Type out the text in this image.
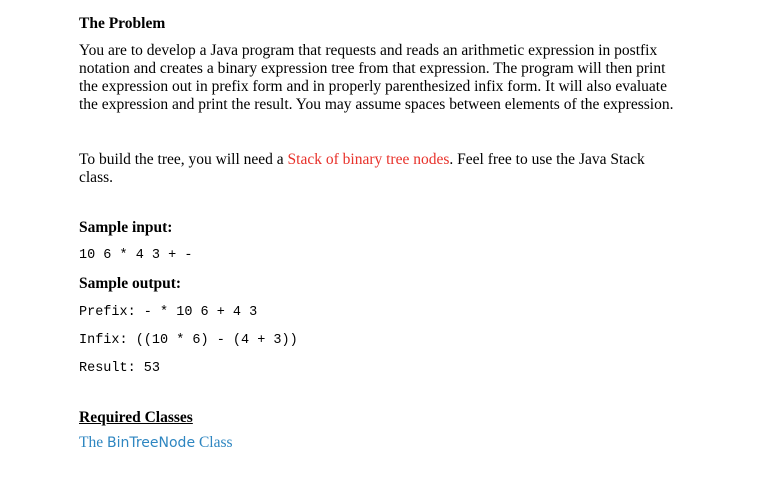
The Problem
You are to develop a Java program that requests and reads an arithmetic expression in postfix
notation and creates a binary expression tree from that expression. The program will then print
the expression out in prefix form and in properly parenthesized infix form. It will also evaluate
the expression and print the result. You may assume spaces between elements of the expression.
To build the tree, you will need a Stack of binary tree nodes. Feel free to use the Java Stack
class.
Sample input:
10 6 * 4 3 + -
Sample output:
Prefix: - * 10 6 + 4 3
Infix: ((10 * 6) - (4 + 3))
Result: 53
Required Classes
The BinTreeNode Class
